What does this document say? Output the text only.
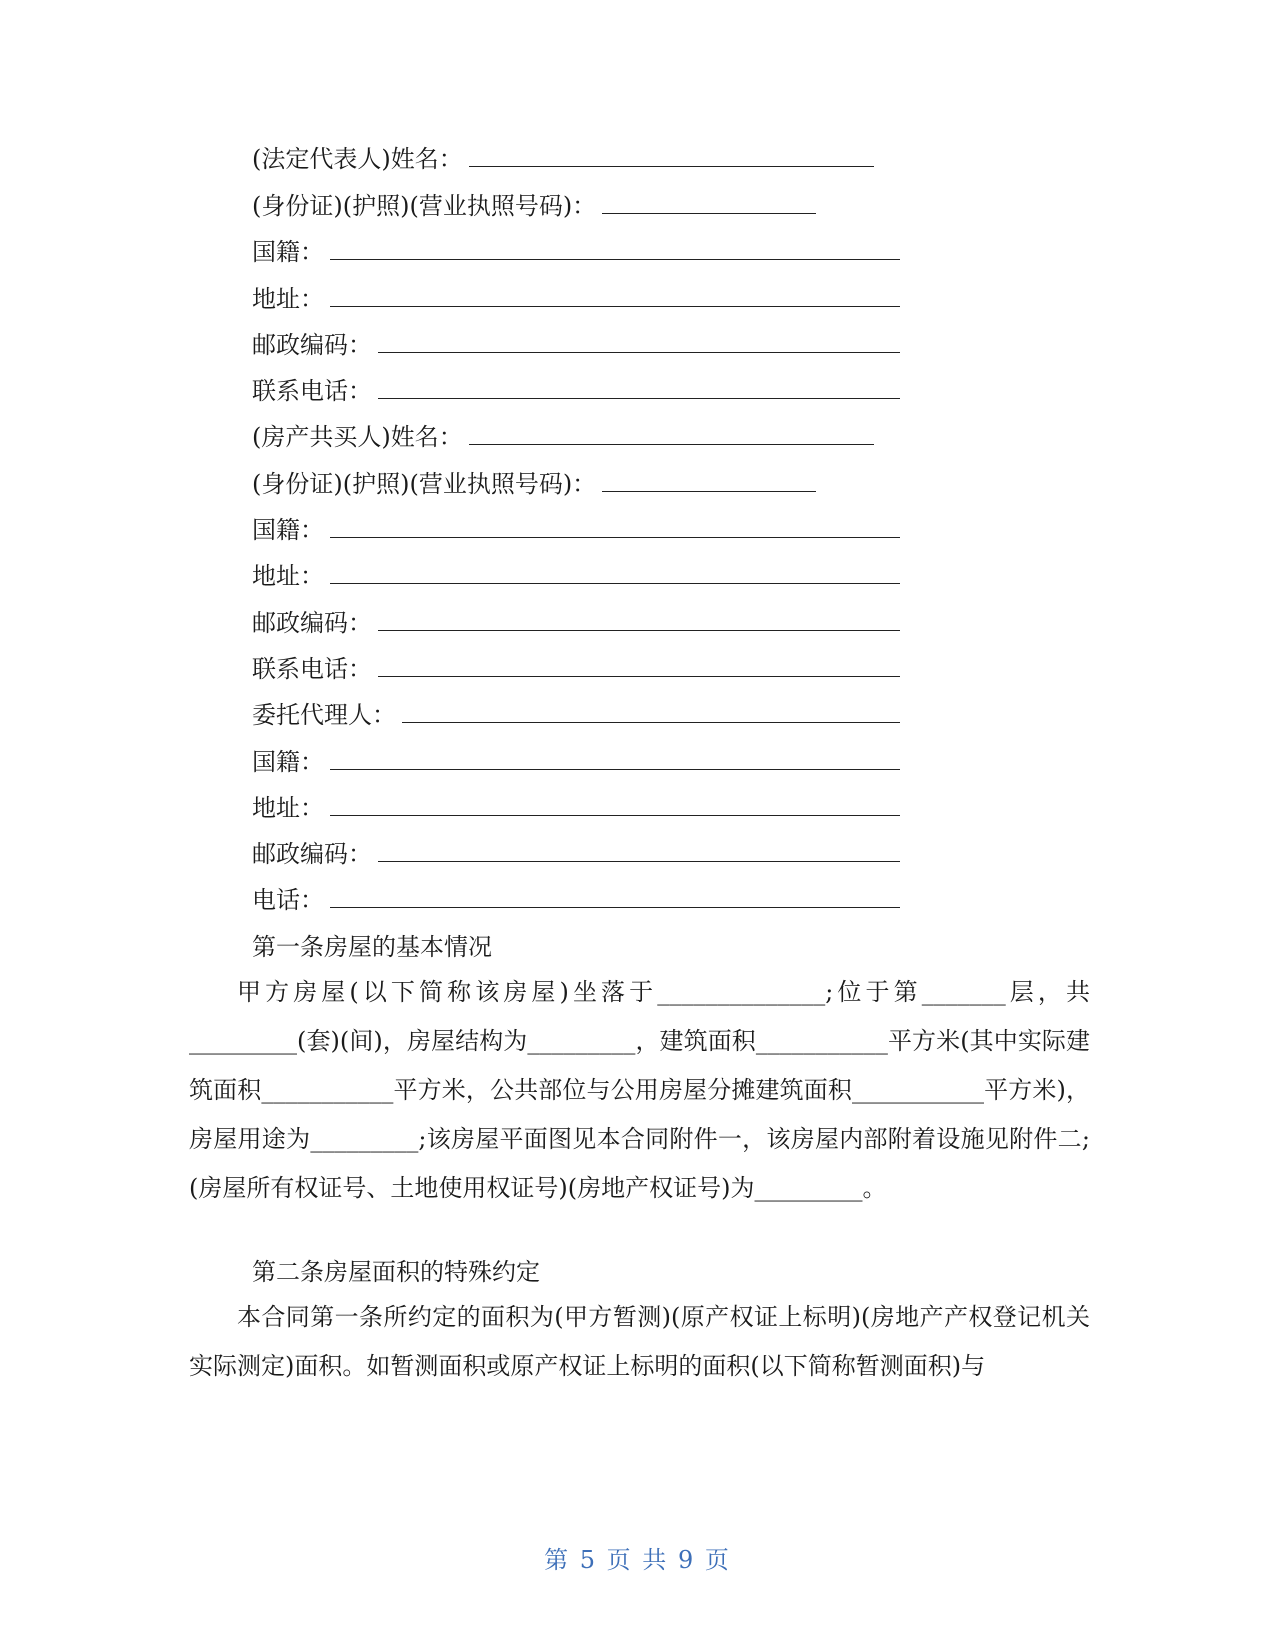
(法定代表人)姓名：
(身份证)(护照)(营业执照号码)：
国籍：
地址：
邮政编码：
联系电话：
(房产共买人)姓名：
(身份证)(护照)(营业执照号码)：
国籍：
地址：
邮政编码：
联系电话：
委托代理人：
国籍：
地址：
邮政编码：
电话：
第一条房屋的基本情况

甲方房屋(以下简称该房屋)坐落于______________;位于第_______层，共_________(套)(间)，房屋结构为_________，建筑面积___________平方米(其中实际建筑面积___________平方米，公共部位与公用房屋分摊建筑面积___________平方米)，房屋用途为_________;该房屋平面图见本合同附件一，该房屋内部附着设施见附件二;(房屋所有权证号、土地使用权证号)(房地产权证号)为_________。

第二条房屋面积的特殊约定

本合同第一条所约定的面积为(甲方暂测)(原产权证上标明)(房地产产权登记机关实际测定)面积。如暂测面积或原产权证上标明的面积(以下简称暂测面积)与

第 5 页 共 9 页
